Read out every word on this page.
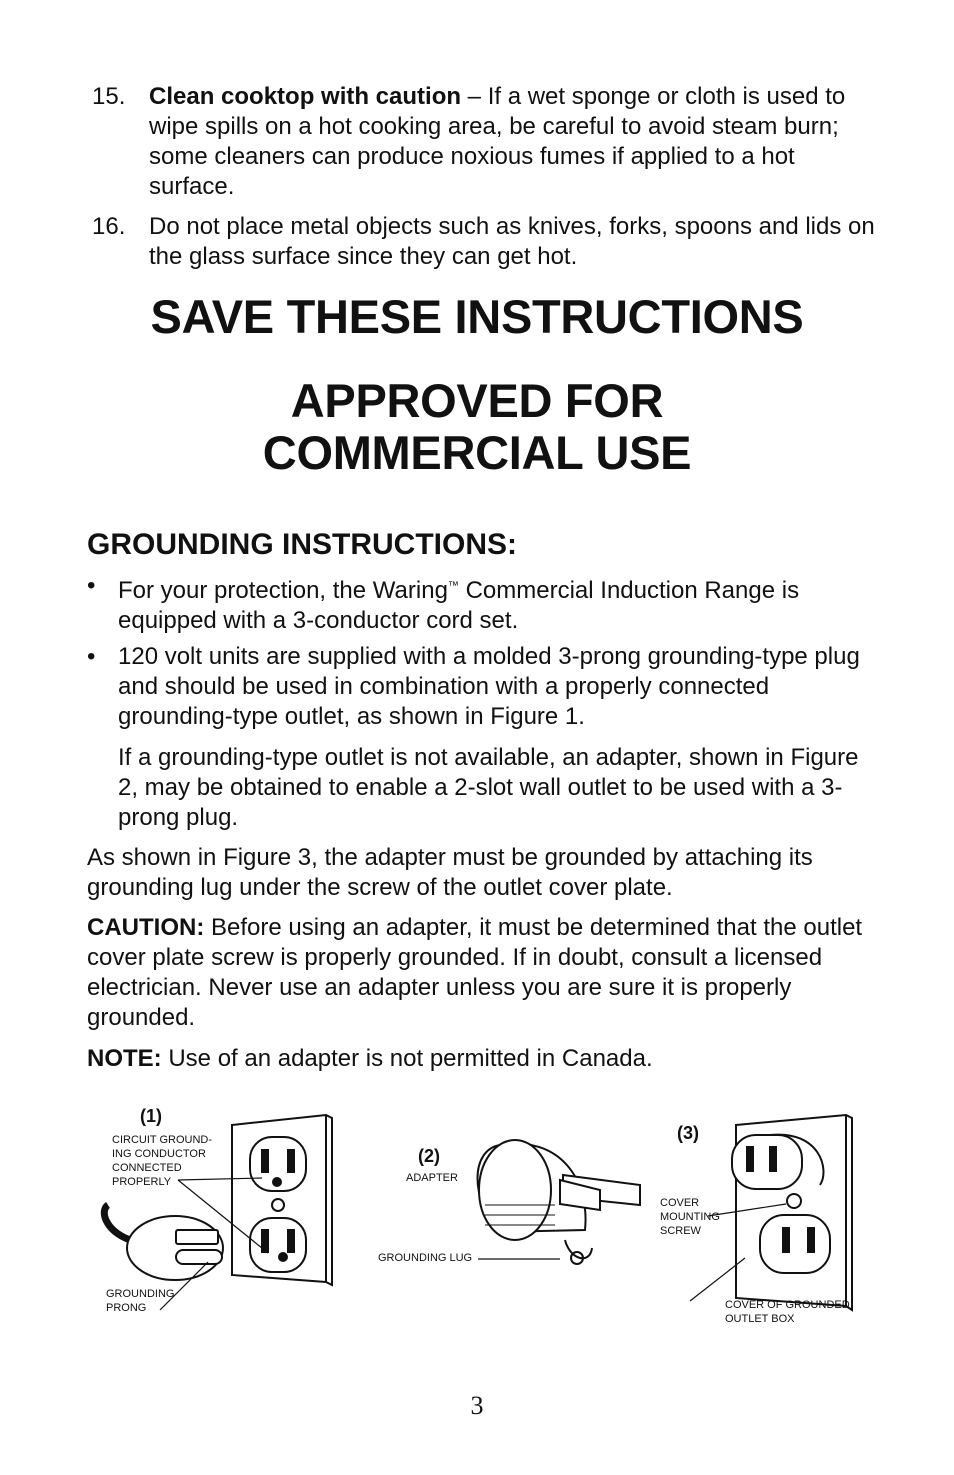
15. Clean cooktop with caution – If a wet sponge or cloth is used to wipe spills on a hot cooking area, be careful to avoid steam burn; some cleaners can produce noxious fumes if applied to a hot surface.
16. Do not place metal objects such as knives, forks, spoons and lids on the glass surface since they can get hot.
SAVE THESE INSTRUCTIONS
APPROVED FOR
COMMERCIAL USE
GROUNDING INSTRUCTIONS:
• For your protection, the Waring™ Commercial Induction Range is equipped with a 3-conductor cord set.
• 120 volt units are supplied with a molded 3-prong grounding-type plug and should be used in combination with a properly connected grounding-type outlet, as shown in Figure 1.

If a grounding-type outlet is not available, an adapter, shown in Figure 2, may be obtained to enable a 2-slot wall outlet to be used with a 3-prong plug.

As shown in Figure 3, the adapter must be grounded by attaching its grounding lug under the screw of the outlet cover plate.

CAUTION: Before using an adapter, it must be determined that the outlet cover plate screw is properly grounded. If in doubt, consult a licensed electrician. Never use an adapter unless you are sure it is properly grounded.

NOTE: Use of an adapter is not permitted in Canada.

(1)
CIRCUIT GROUND-
ING CONDUCTOR
CONNECTED
PROPERLY
GROUNDING
PRONG
(2)
ADAPTER
GROUNDING LUG
(3)
COVER
MOUNTING
SCREW
COVER OF GROUNDED
OUTLET BOX
3
